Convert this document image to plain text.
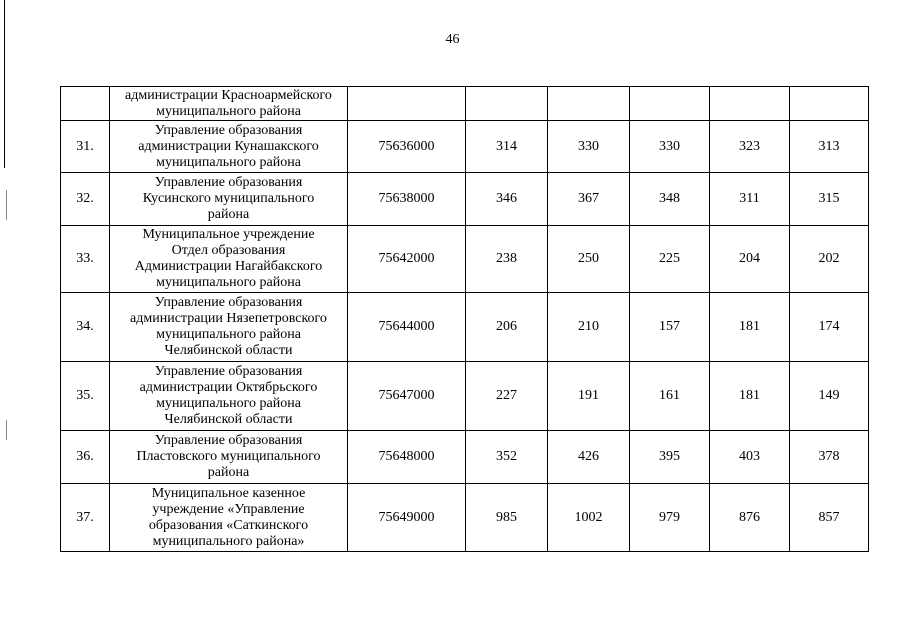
46

	администрации Красноармейского
муниципального района						

31.	Управление образования
администрации Кунашакского
муниципального района	75636000	314	330	330	323	313
32.	Управление образования
Кусинского муниципального
района	75638000	346	367	348	311	315
33.	Муниципальное учреждение
Отдел образования
Администрации Нагайбакского
муниципального района	75642000	238	250	225	204	202
34.	Управление образования
администрации Нязепетровского
муниципального района
Челябинской области	75644000	206	210	157	181	174
35.	Управление образования
администрации Октябрьского
муниципального района
Челябинской области	75647000	227	191	161	181	149
36.	Управление образования
Пластовского муниципального
района	75648000	352	426	395	403	378
37.	Муниципальное казенное
учреждение «Управление
образования «Саткинского
муниципального района»	75649000	985	1002	979	876	857
